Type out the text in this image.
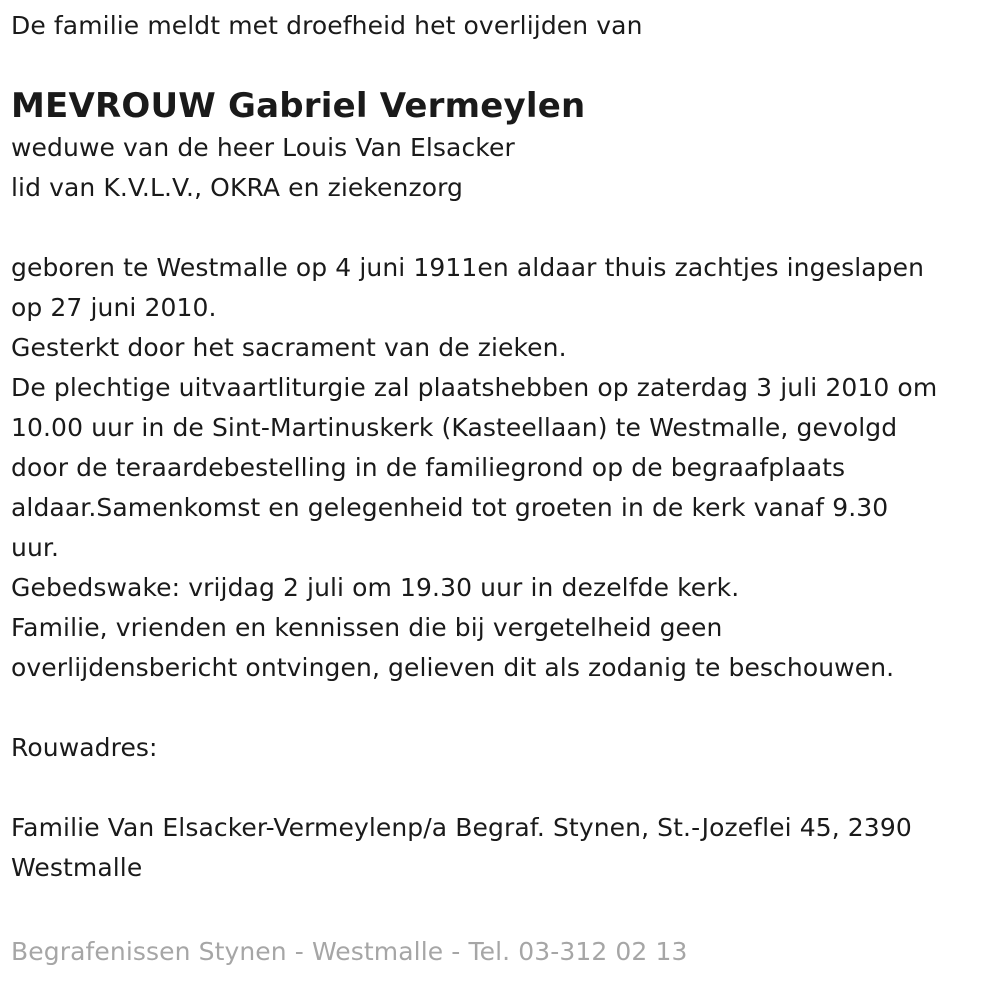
De familie meldt met droefheid het overlijden van
MEVROUW Gabriel Vermeylen
weduwe van de heer Louis Van Elsacker
lid van K.V.L.V., OKRA en ziekenzorg
geboren te Westmalle op 4 juni 1911en aldaar thuis zachtjes ingeslapen
op 27 juni 2010.
Gesterkt door het sacrament van de zieken.
De plechtige uitvaartliturgie zal plaatshebben op zaterdag 3 juli 2010 om
10.00 uur in de Sint-Martinuskerk (Kasteellaan) te Westmalle, gevolgd
door de teraardebestelling in de familiegrond op de begraafplaats
aldaar.Samenkomst en gelegenheid tot groeten in de kerk vanaf 9.30
uur.
Gebedswake: vrijdag 2 juli om 19.30 uur in dezelfde kerk.
Familie, vrienden en kennissen die bij vergetelheid geen
overlijdensbericht ontvingen, gelieven dit als zodanig te beschouwen.
Rouwadres:
Familie Van Elsacker-Vermeylenp/a Begraf. Stynen, St.-Jozeflei 45, 2390
Westmalle
Begrafenissen Stynen - Westmalle - Tel. 03-312 02 13
